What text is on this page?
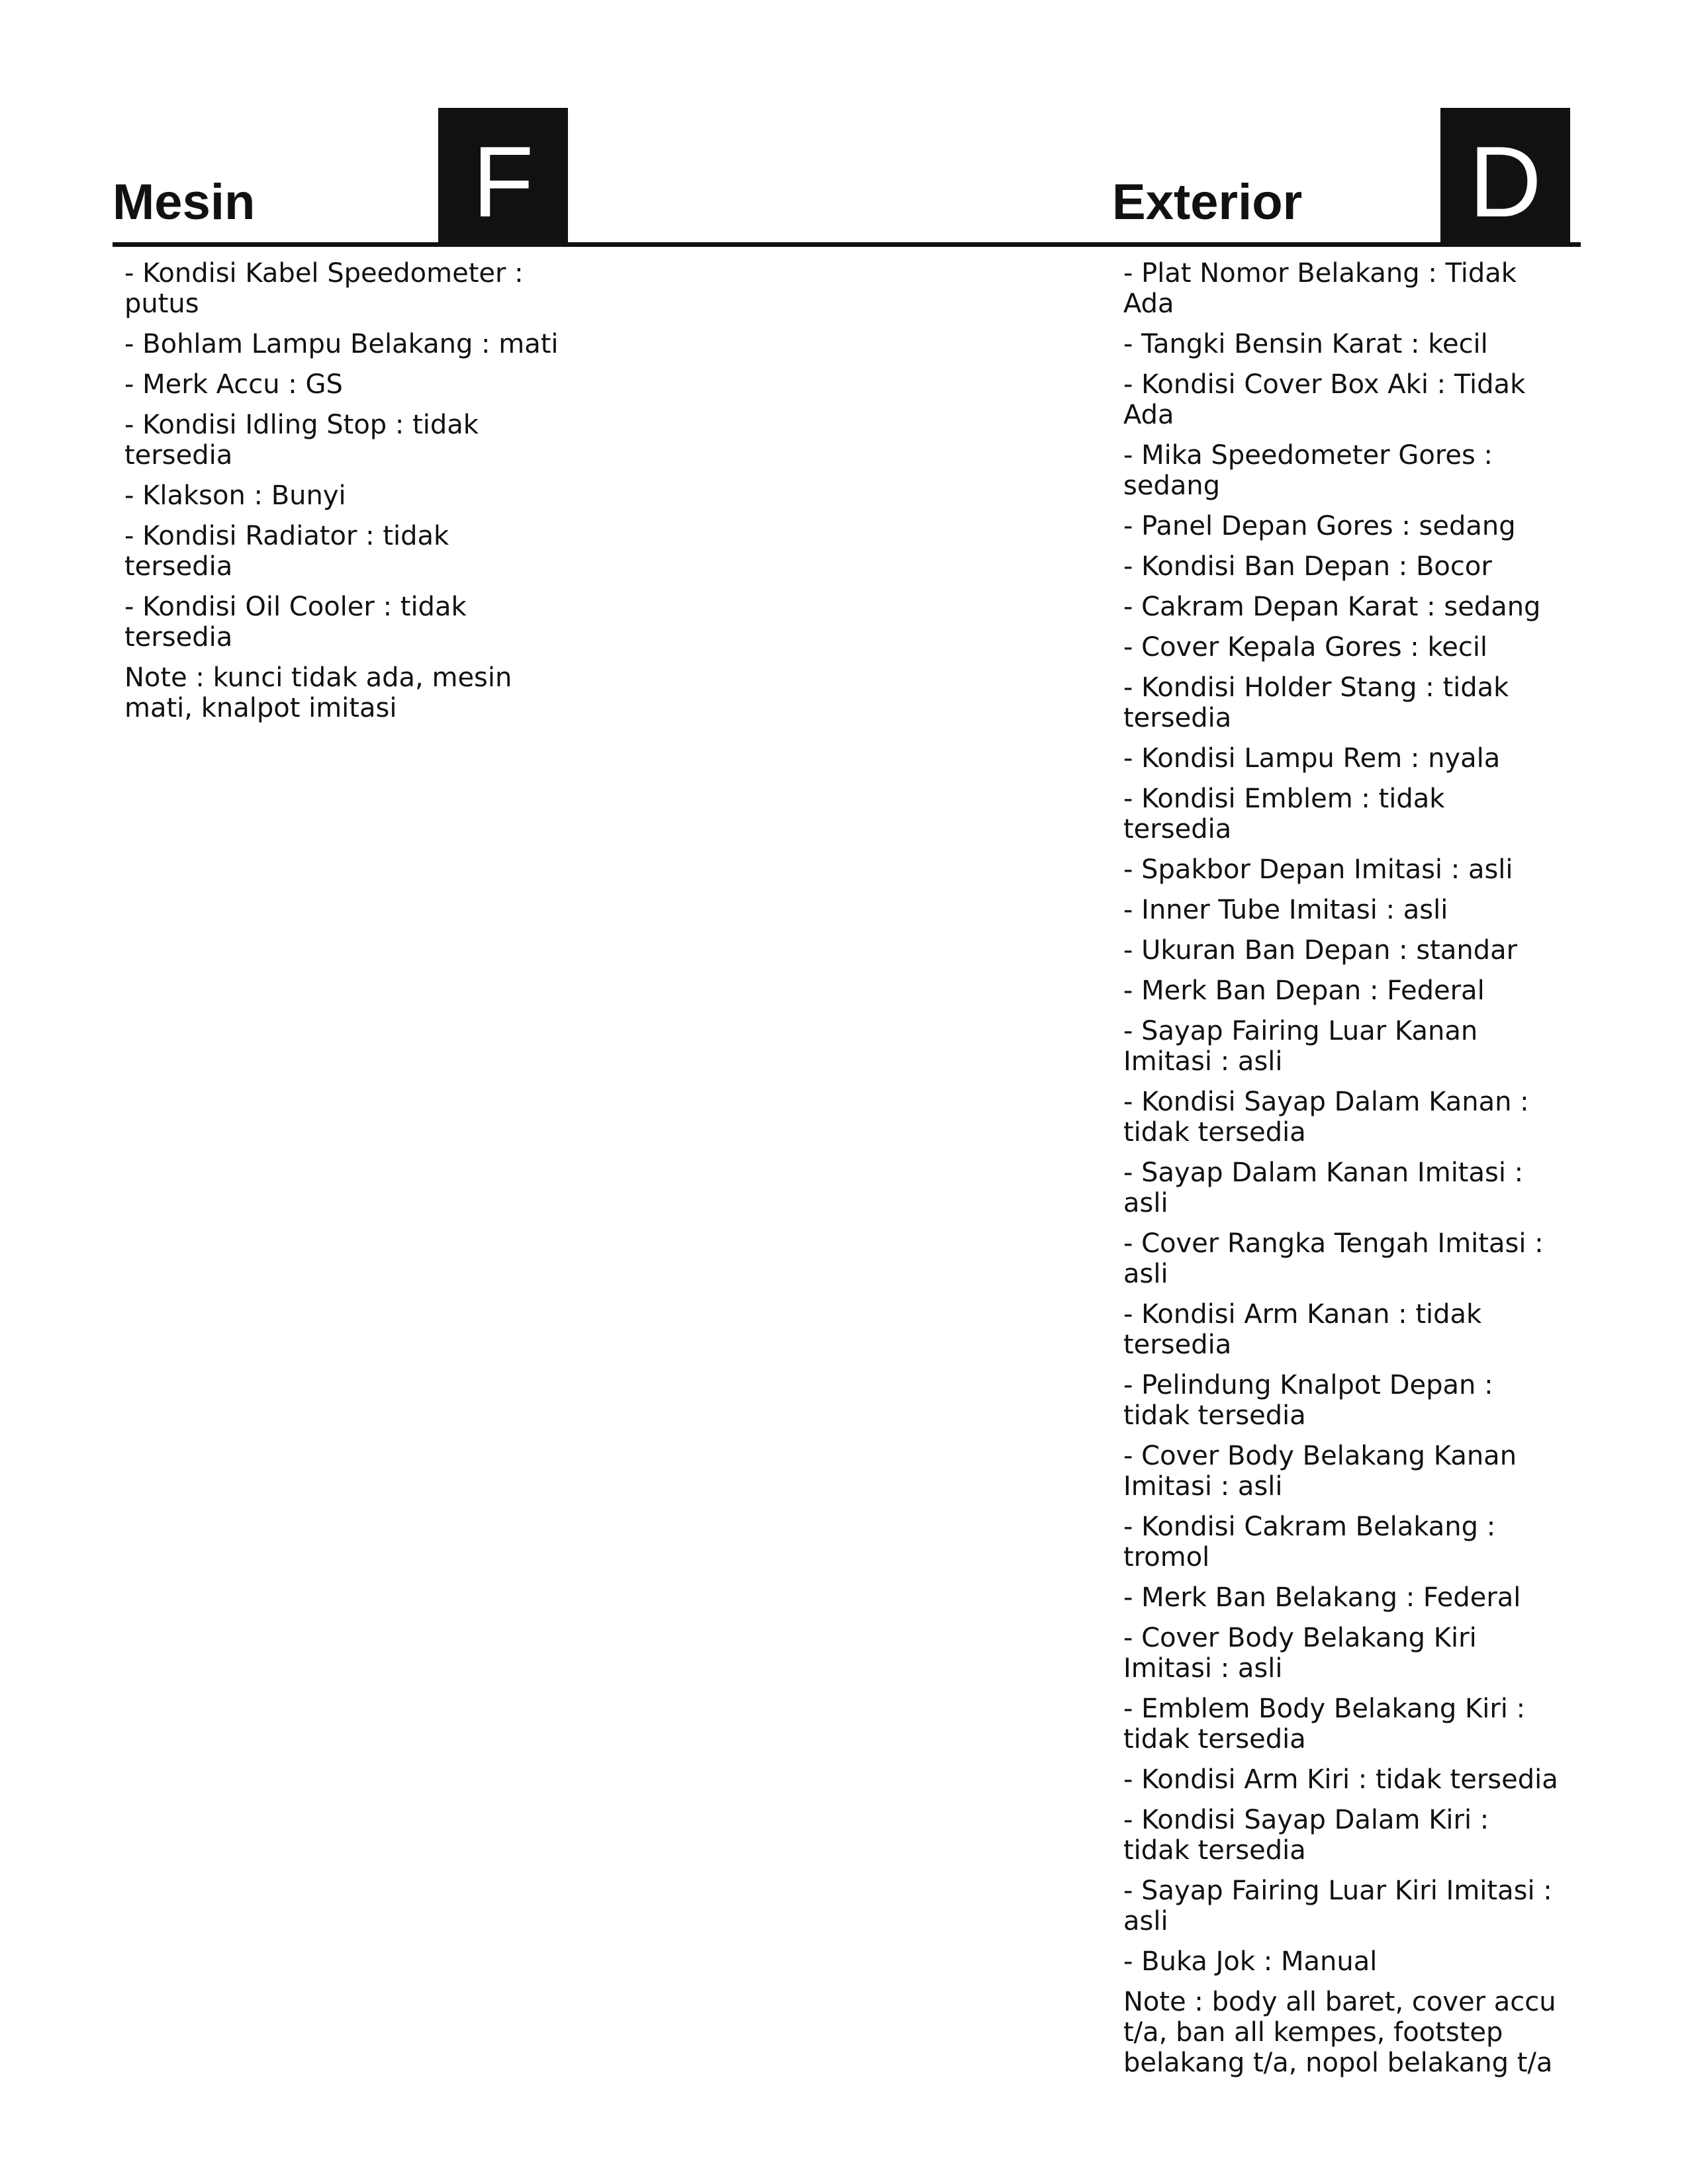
Mesin	F	Exterior D
- Kondisi Kabel Speedometer : putus
- Bohlam Lampu Belakang : mati
- Merk Accu : GS
- Kondisi Idling Stop : tidak tersedia
- Klakson : Bunyi
- Kondisi Radiator : tidak tersedia
- Kondisi Oil Cooler : tidak tersedia
Note : kunci tidak ada, mesin mati, knalpot imitasi
- Plat Nomor Belakang : Tidak Ada
- Tangki Bensin Karat : kecil
- Kondisi Cover Box Aki : Tidak Ada
- Mika Speedometer Gores : sedang
- Panel Depan Gores : sedang
- Kondisi Ban Depan : Bocor
- Cakram Depan Karat : sedang
- Cover Kepala Gores : kecil
- Kondisi Holder Stang : tidak tersedia
- Kondisi Lampu Rem : nyala
- Kondisi Emblem : tidak tersedia
- Spakbor Depan Imitasi : asli
- Inner Tube Imitasi : asli
- Ukuran Ban Depan : standar
- Merk Ban Depan : Federal
- Sayap Fairing Luar Kanan Imitasi : asli
- Kondisi Sayap Dalam Kanan : tidak tersedia
- Sayap Dalam Kanan Imitasi : asli
- Cover Rangka Tengah Imitasi : asli
- Kondisi Arm Kanan : tidak tersedia
- Pelindung Knalpot Depan : tidak tersedia
- Cover Body Belakang Kanan Imitasi : asli
- Kondisi Cakram Belakang : tromol
- Merk Ban Belakang : Federal
- Cover Body Belakang Kiri Imitasi : asli
- Emblem Body Belakang Kiri : tidak tersedia
- Kondisi Arm Kiri : tidak tersedia
- Kondisi Sayap Dalam Kiri : tidak tersedia
- Sayap Fairing Luar Kiri Imitasi : asli
- Buka Jok : Manual
Note : body all baret, cover accu t/a, ban all kempes, footstep belakang t/a, nopol belakang t/a
